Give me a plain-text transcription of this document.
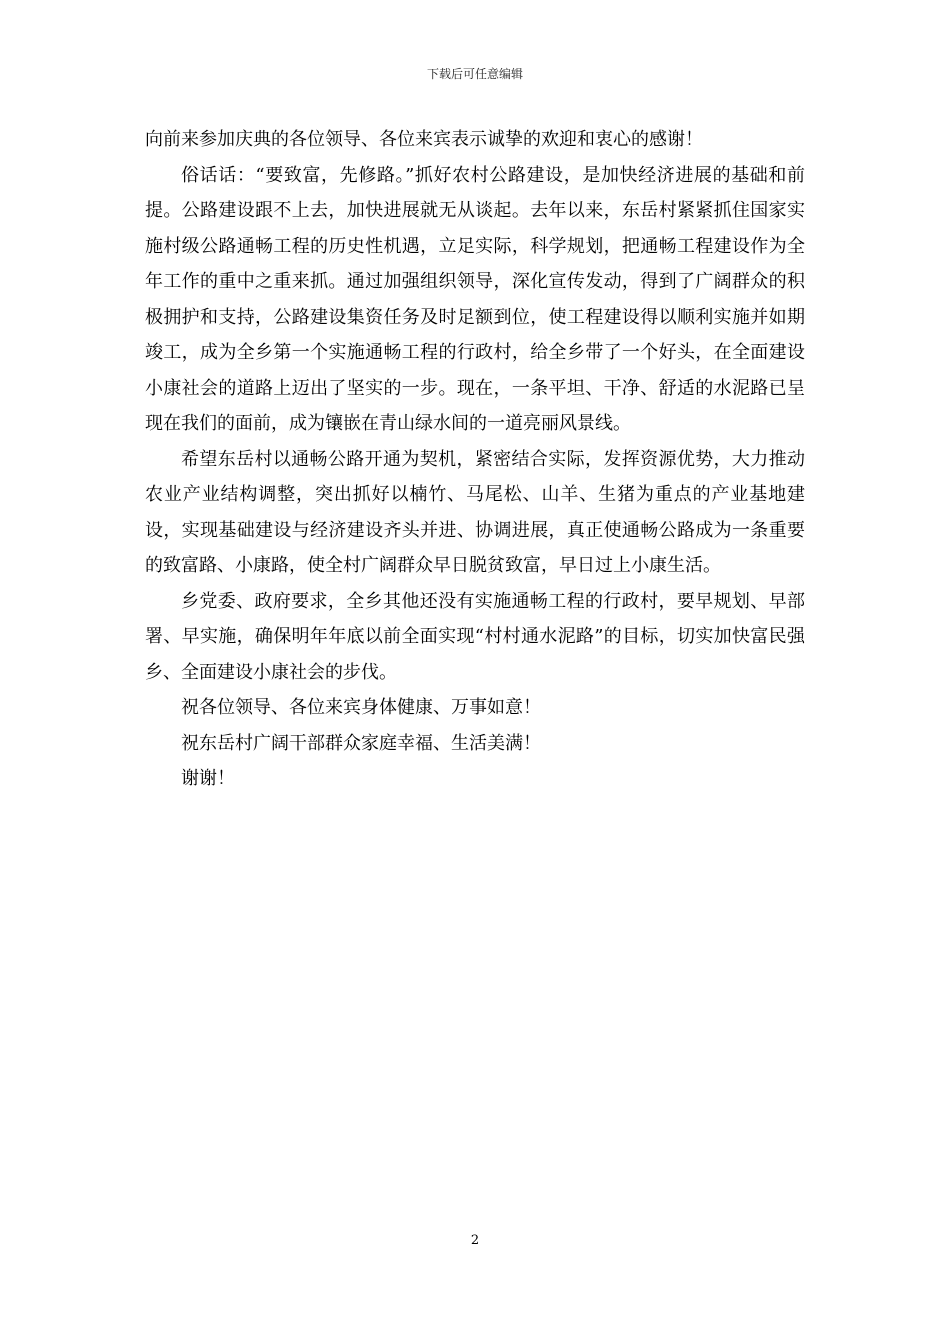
下载后可任意编辑

向前来参加庆典的各位领导、各位来宾表示诚挚的欢迎和衷心的感谢！

俗话话：“要致富，先修路。”抓好农村公路建设，是加快经济进展的基础和前提。公路建设跟不上去，加快进展就无从谈起。去年以来，东岳村紧紧抓住国家实施村级公路通畅工程的历史性机遇，立足实际，科学规划，把通畅工程建设作为全年工作的重中之重来抓。通过加强组织领导，深化宣传发动，得到了广阔群众的积极拥护和支持，公路建设集资任务及时足额到位，使工程建设得以顺利实施并如期竣工，成为全乡第一个实施通畅工程的行政村，给全乡带了一个好头，在全面建设小康社会的道路上迈出了坚实的一步。现在，一条平坦、干净、舒适的水泥路已呈现在我们的面前，成为镶嵌在青山绿水间的一道亮丽风景线。

希望东岳村以通畅公路开通为契机，紧密结合实际，发挥资源优势，大力推动农业产业结构调整，突出抓好以楠竹、马尾松、山羊、生猪为重点的产业基地建设，实现基础建设与经济建设齐头并进、协调进展，真正使通畅公路成为一条重要的致富路、小康路，使全村广阔群众早日脱贫致富，早日过上小康生活。

乡党委、政府要求，全乡其他还没有实施通畅工程的行政村，要早规划、早部署、早实施，确保明年年底以前全面实现“村村通水泥路”的目标，切实加快富民强乡、全面建设小康社会的步伐。

祝各位领导、各位来宾身体健康、万事如意！

祝东岳村广阔干部群众家庭幸福、生活美满！

谢谢！

2
